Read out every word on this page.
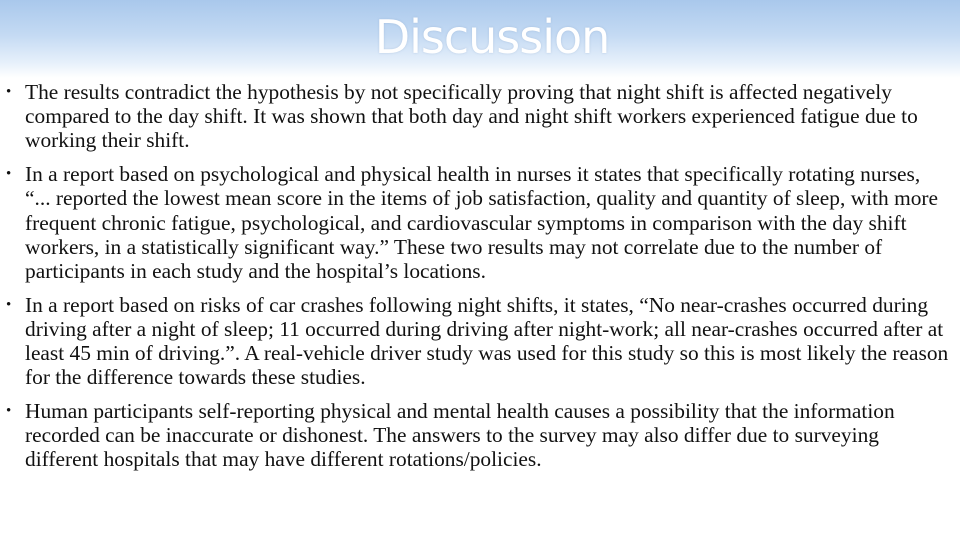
Discussion
• The results contradict the hypothesis by not specifically proving that night shift is affected negatively compared to the day shift. It was shown that both day and night shift workers experienced fatigue due to working their shift.
• In a report based on psychological and physical health in nurses it states that specifically rotating nurses, “... reported the lowest mean score in the items of job satisfaction, quality and quantity of sleep, with more frequent chronic fatigue, psychological, and cardiovascular symptoms in comparison with the day shift workers, in a statistically significant way.” These two results may not correlate due to the number of participants in each study and the hospital’s locations.
• In a report based on risks of car crashes following night shifts, it states, “No near-crashes occurred during driving after a night of sleep; 11 occurred during driving after night-work; all near-crashes occurred after at least 45 min of driving.”. A real-vehicle driver study was used for this study so this is most likely the reason for the difference towards these studies.
• Human participants self-reporting physical and mental health causes a possibility that the information recorded can be inaccurate or dishonest. The answers to the survey may also differ due to surveying different hospitals that may have different rotations/policies.
